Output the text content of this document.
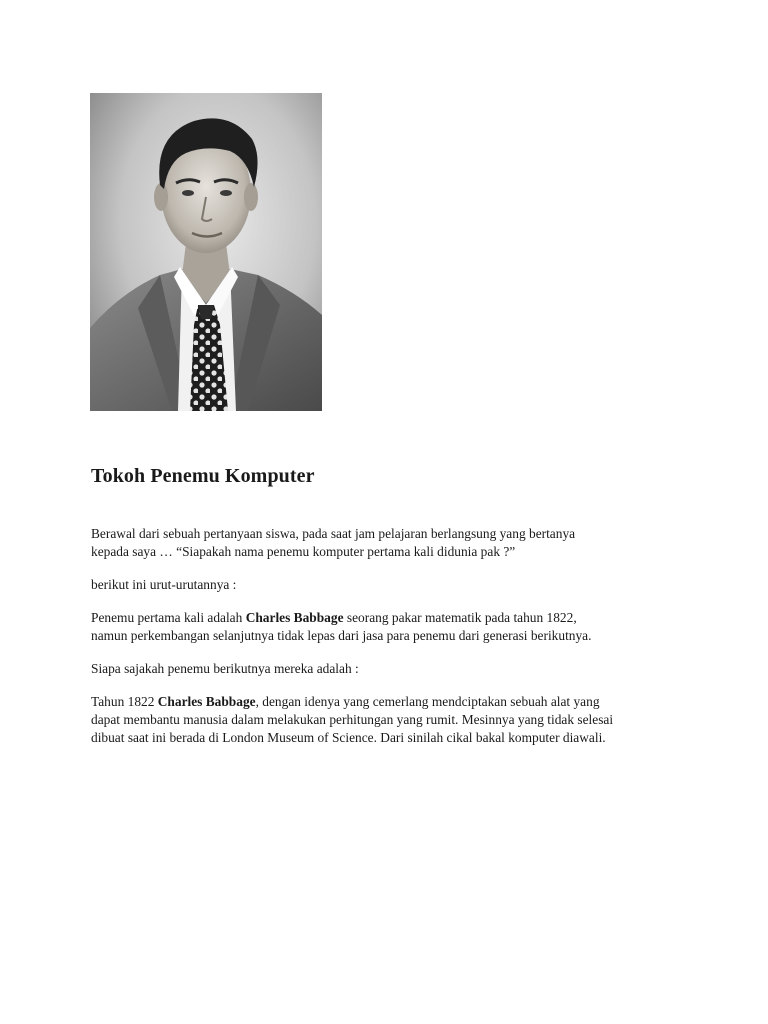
Tokoh Penemu Komputer

Berawal dari sebuah pertanyaan siswa, pada saat jam pelajaran berlangsung yang bertanya
kepada saya … “Siapakah nama penemu komputer pertama kali didunia pak ?”

berikut ini urut-urutannya :

Penemu pertama kali adalah Charles Babbage seorang pakar matematik pada tahun 1822,
namun perkembangan selanjutnya tidak lepas dari jasa para penemu dari generasi berikutnya.

Siapa sajakah penemu berikutnya mereka adalah :

Tahun 1822 Charles Babbage, dengan idenya yang cemerlang mendciptakan sebuah alat yang
dapat membantu manusia dalam melakukan perhitungan yang rumit. Mesinnya yang tidak selesai
dibuat saat ini berada di London Museum of Science. Dari sinilah cikal bakal komputer diawali.
